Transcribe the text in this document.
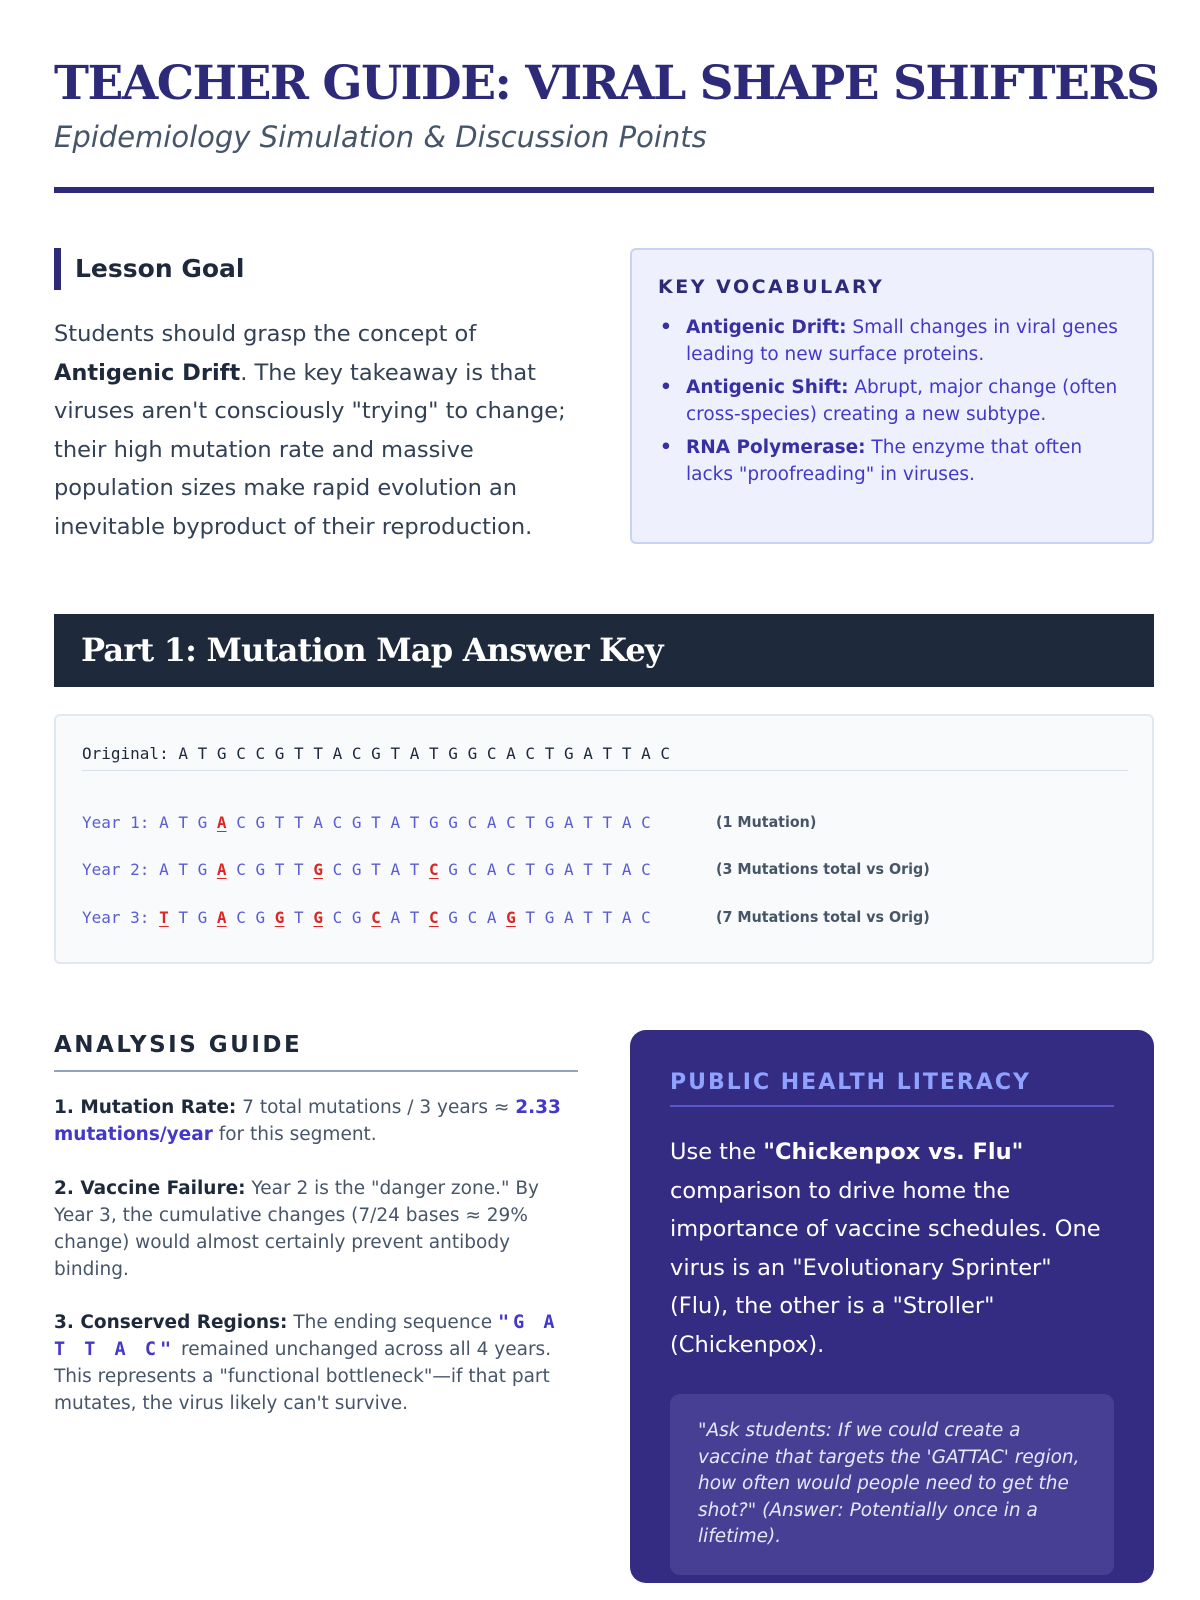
TEACHER GUIDE: VIRAL SHAPE SHIFTERS
Epidemiology Simulation & Discussion Points
Lesson Goal

Students should grasp the concept of Antigenic Drift. The key takeaway is that viruses aren't consciously "trying" to change; their high mutation rate and massive population sizes make rapid evolution an inevitable byproduct of their reproduction.

KEY VOCABULARY
• Antigenic Drift: Small changes in viral genes leading to new surface proteins.
• Antigenic Shift: Abrupt, major change (often cross-species) creating a new subtype.
• RNA Polymerase: The enzyme that often lacks "proofreading" in viruses.
Part 1: Mutation Map Answer Key
Original: A T G C C G T T A C G T A T G G C A C T G A T T A C
Year 1: A T G A C G T T A C G T A T G G C A C T G A T T A C	(1 Mutation)
Year 2: A T G A C G T T G C G T A T C G C A C T G A T T A C	(3 Mutations total vs Orig)
Year 3: T T G A C G G T G C G C A T C G C A G T G A T T A C	(7 Mutations total vs Orig)
ANALYSIS GUIDE

1. Mutation Rate: 7 total mutations / 3 years ≈ 2.33 mutations/year for this segment.

2. Vaccine Failure: Year 2 is the "danger zone." By Year 3, the cumulative changes (7/24 bases ≈ 29% change) would almost certainly prevent antibody binding.

3. Conserved Regions: The ending sequence "G A T T A C" remained unchanged across all 4 years. This represents a "functional bottleneck"—if that part mutates, the virus likely can't survive.

PUBLIC HEALTH LITERACY

Use the "Chickenpox vs. Flu" comparison to drive home the importance of vaccine schedules. One virus is an "Evolutionary Sprinter" (Flu), the other is a "Stroller" (Chickenpox).

"Ask students: If we could create a vaccine that targets the 'GATTAC' region, how often would people need to get the shot?" (Answer: Potentially once in a lifetime).
